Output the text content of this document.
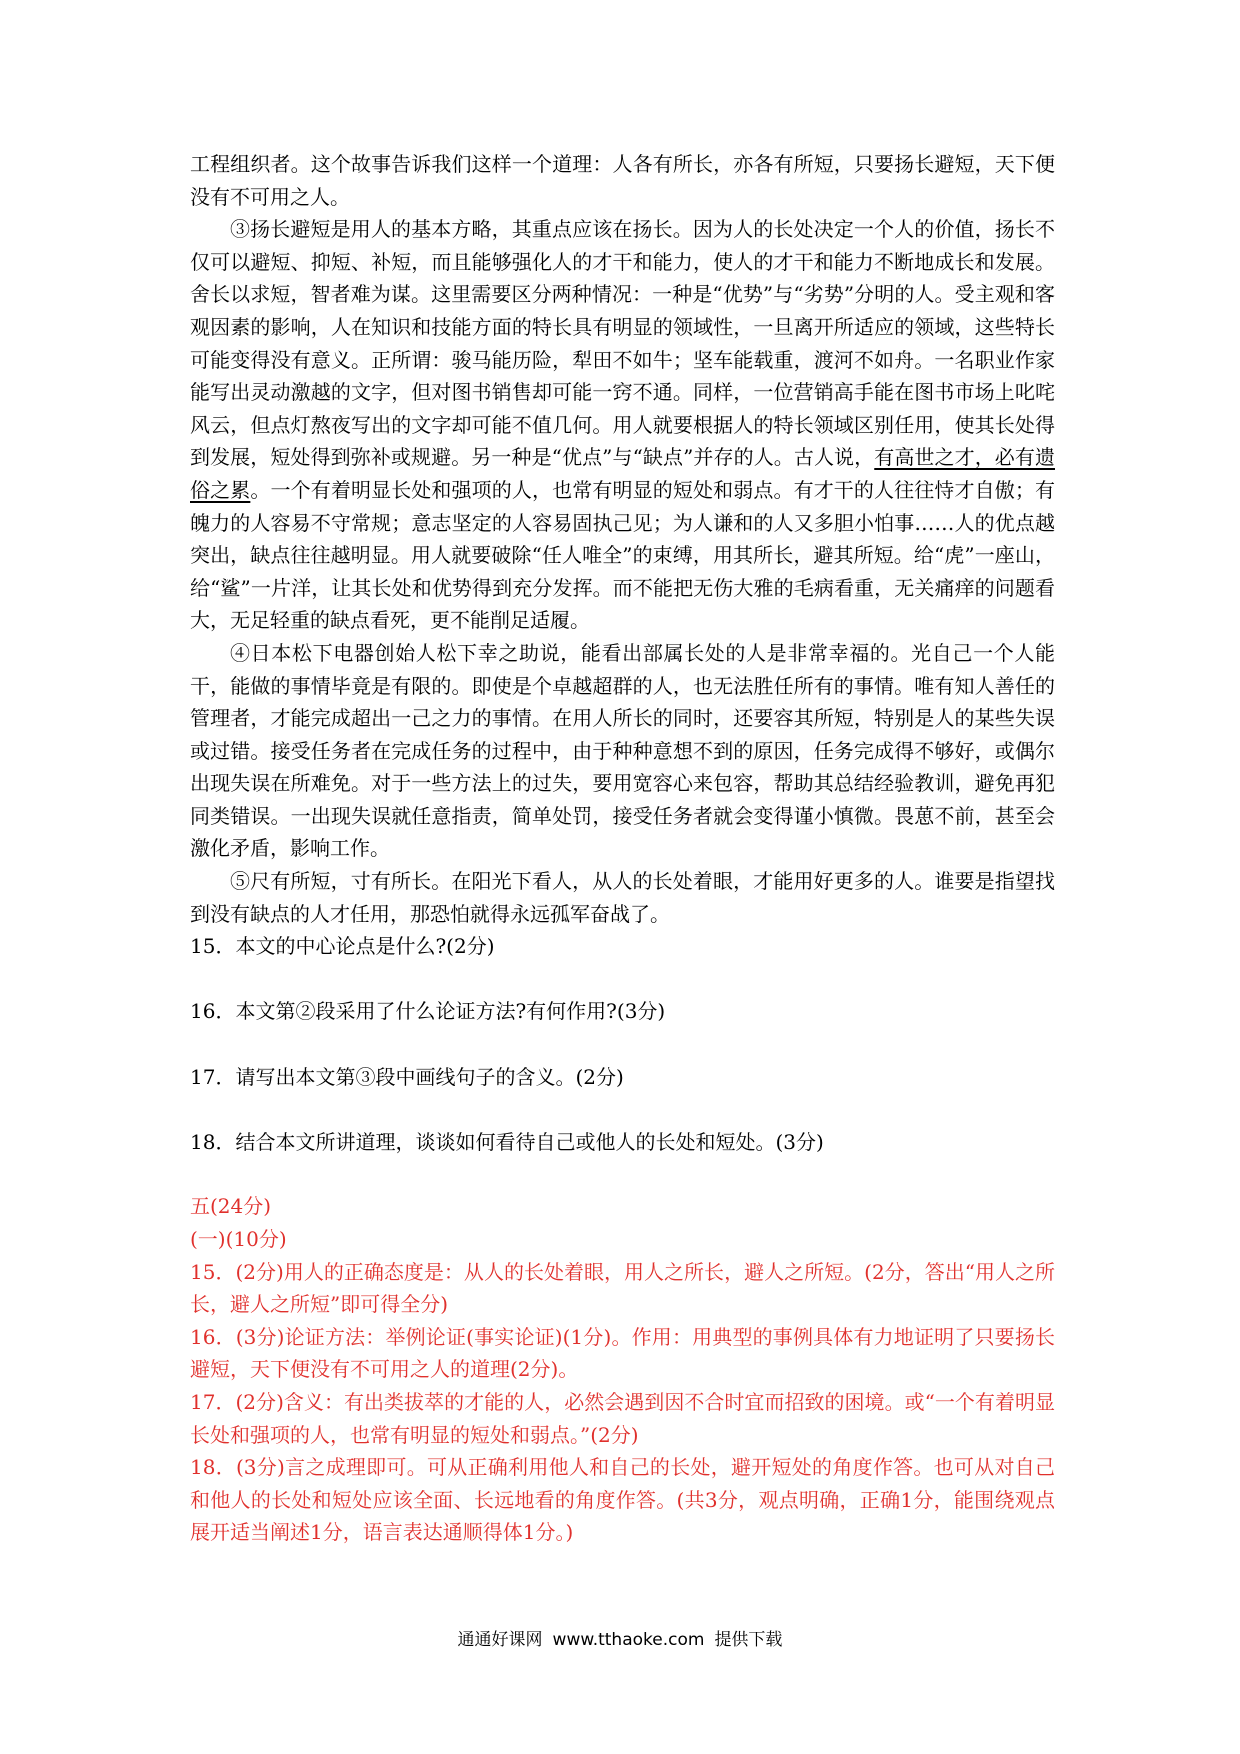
工程组织者。这个故事告诉我们这样一个道理：人各有所长，亦各有所短，只要扬长避短，天下便没有不可用之人。

③扬长避短是用人的基本方略，其重点应该在扬长。因为人的长处决定一个人的价值，扬长不仅可以避短、抑短、补短，而且能够强化人的才干和能力，使人的才干和能力不断地成长和发展。舍长以求短，智者难为谋。这里需要区分两种情况：一种是“优势”与“劣势”分明的人。受主观和客观因素的影响，人在知识和技能方面的特长具有明显的领域性，一旦离开所适应的领域，这些特长可能变得没有意义。正所谓：骏马能历险，犁田不如牛；坚车能载重，渡河不如舟。一名职业作家能写出灵动激越的文字，但对图书销售却可能一窍不通。同样，一位营销高手能在图书市场上叱咤风云，但点灯熬夜写出的文字却可能不值几何。用人就要根据人的特长领域区别任用，使其长处得到发展，短处得到弥补或规避。另一种是“优点”与“缺点”并存的人。古人说，有高世之才，必有遗俗之累。一个有着明显长处和强项的人，也常有明显的短处和弱点。有才干的人往往恃才自傲；有魄力的人容易不守常规；意志坚定的人容易固执己见；为人谦和的人又多胆小怕事……人的优点越突出，缺点往往越明显。用人就要破除“任人唯全”的束缚，用其所长，避其所短。给“虎”一座山，给“鲨”一片洋，让其长处和优势得到充分发挥。而不能把无伤大雅的毛病看重，无关痛痒的问题看大，无足轻重的缺点看死，更不能削足适履。

④日本松下电器创始人松下幸之助说，能看出部属长处的人是非常幸福的。光自己一个人能干，能做的事情毕竟是有限的。即使是个卓越超群的人，也无法胜任所有的事情。唯有知人善任的管理者，才能完成超出一己之力的事情。在用人所长的同时，还要容其所短，特别是人的某些失误或过错。接受任务者在完成任务的过程中，由于种种意想不到的原因，任务完成得不够好，或偶尔出现失误在所难免。对于一些方法上的过失，要用宽容心来包容，帮助其总结经验教训，避免再犯同类错误。一出现失误就任意指责，简单处罚，接受任务者就会变得谨小慎微。畏葸不前，甚至会激化矛盾，影响工作。

⑤尺有所短，寸有所长。在阳光下看人，从人的长处着眼，才能用好更多的人。谁要是指望找到没有缺点的人才任用，那恐怕就得永远孤军奋战了。

15．本文的中心论点是什么?(2分)

16．本文第②段采用了什么论证方法?有何作用?(3分)

17．请写出本文第③段中画线句子的含义。(2分)

18．结合本文所讲道理，谈谈如何看待自己或他人的长处和短处。(3分)

五(24分)

(一)(10分)

15．(2分)用人的正确态度是：从人的长处着眼，用人之所长，避人之所短。(2分，答出“用人之所长，避人之所短”即可得全分)

16．(3分)论证方法：举例论证(事实论证)(1分)。作用：用典型的事例具体有力地证明了只要扬长避短，天下便没有不可用之人的道理(2分)。

17．(2分)含义：有出类拔萃的才能的人，必然会遇到因不合时宜而招致的困境。或“一个有着明显长处和强项的人，也常有明显的短处和弱点。”(2分)

18．(3分)言之成理即可。可从正确利用他人和自己的长处，避开短处的角度作答。也可从对自己和他人的长处和短处应该全面、长远地看的角度作答。(共3分，观点明确，正确1分，能围绕观点展开适当阐述1分，语言表达通顺得体1分。)

通通好课网 www.tthaoke.com 提供下载
